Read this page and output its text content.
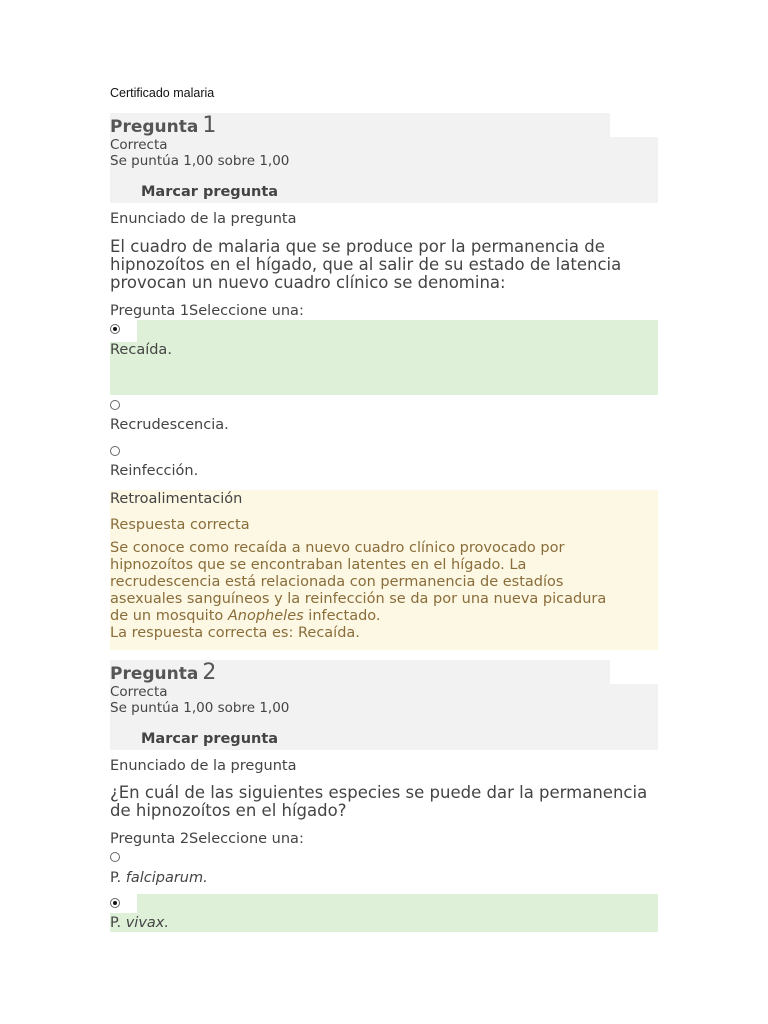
Certificado malaria
Pregunta 1
Correcta
Se puntúa 1,00 sobre 1,00
Marcar pregunta
Enunciado de la pregunta
El cuadro de malaria que se produce por la permanencia de
hipnozoítos en el hígado, que al salir de su estado de latencia
provocan un nuevo cuadro clínico se denomina:
Pregunta 1Seleccione una:
Recaída.
Recrudescencia.
Reinfección.
Retroalimentación
Respuesta correcta
Se conoce como recaída a nuevo cuadro clínico provocado por
hipnozoítos que se encontraban latentes en el hígado. La
recrudescencia está relacionada con permanencia de estadíos
asexuales sanguíneos y la reinfección se da por una nueva picadura
de un mosquito Anopheles infectado.
La respuesta correcta es: Recaída.
Pregunta 2
Correcta
Se puntúa 1,00 sobre 1,00
Marcar pregunta
Enunciado de la pregunta
¿En cuál de las siguientes especies se puede dar la permanencia
de hipnozoítos en el hígado?
Pregunta 2Seleccione una:
P. falciparum.
P. vivax.
